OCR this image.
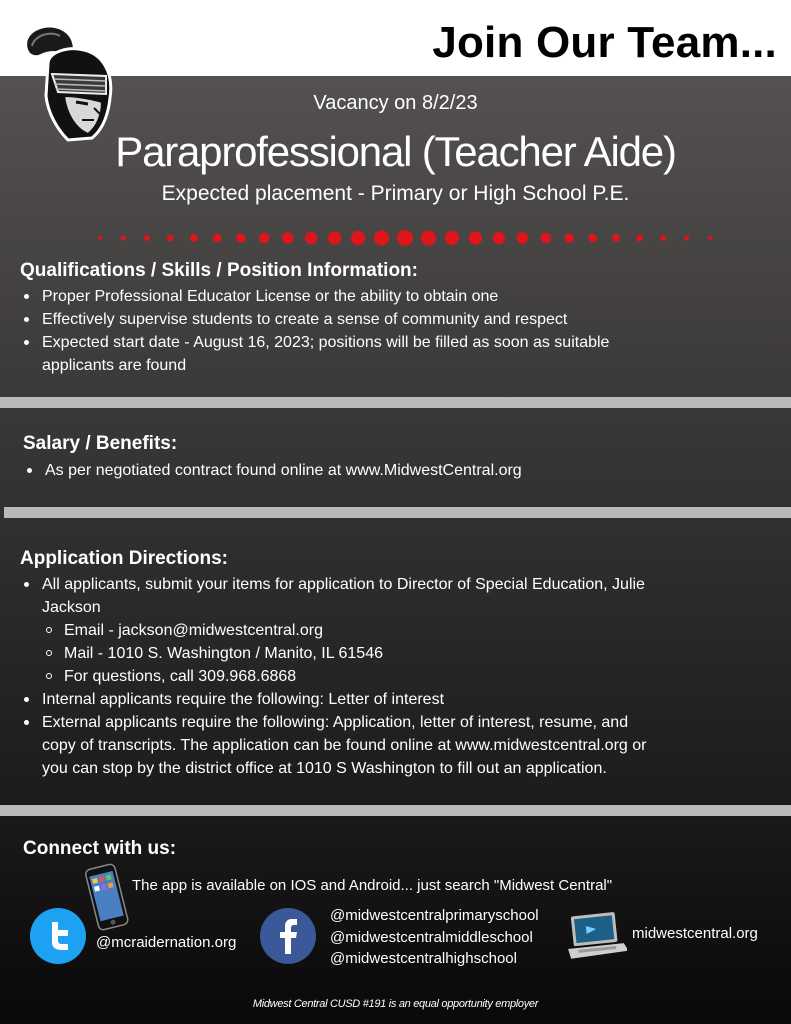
Join Our Team...
Vacancy on 8/2/23
Paraprofessional (Teacher Aide)
Expected placement - Primary or High School P.E.
Qualifications / Skills / Position Information:
Proper Professional Educator License or the ability to obtain one
Effectively supervise students to create a sense of community and respect
Expected start date - August 16, 2023; positions will be filled as soon as suitable applicants are found
Salary / Benefits:
As per negotiated contract found online at www.MidwestCentral.org
Application Directions:
All applicants, submit your items for application to Director of Special Education, Julie Jackson
Email - jackson@midwestcentral.org
Mail - 1010 S. Washington / Manito, IL 61546
For questions, call 309.968.6868
Internal applicants require the following: Letter of interest
External applicants require the following: Application, letter of interest, resume, and copy of transcripts. The application can be found online at www.midwestcentral.org or you can stop by the district office at 1010 S Washington to fill out an application.
Connect with us:
The app is available on IOS and Android... just search "Midwest Central"
@mcraidernation.org
@midwestcentralprimaryschool
@midwestcentralmiddleschool
@midwestcentralhighschool
midwestcentral.org
Midwest Central CUSD #191 is an equal opportunity employer
